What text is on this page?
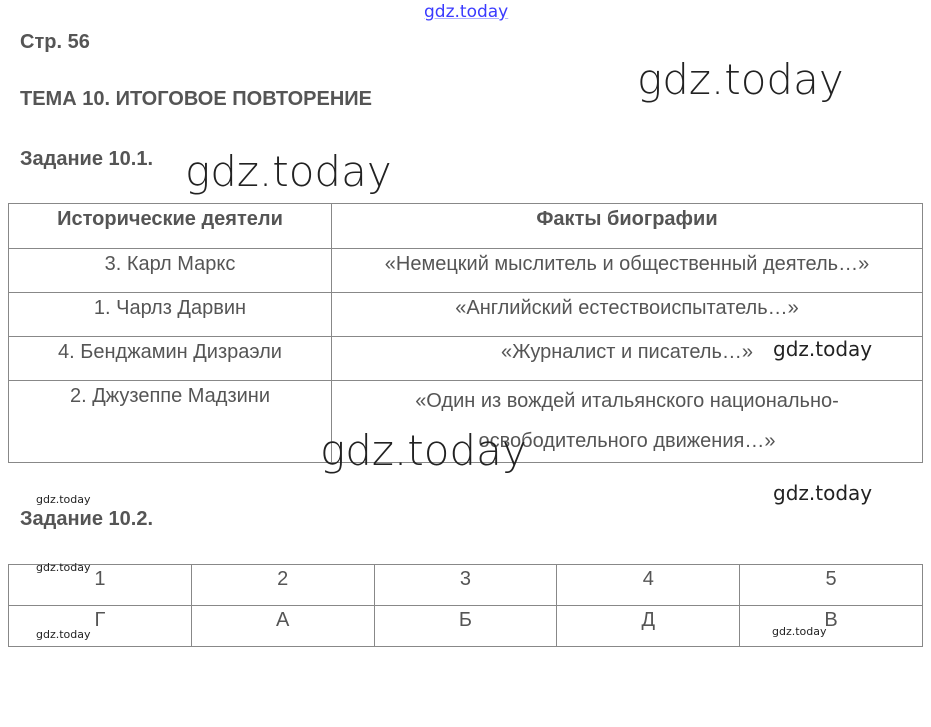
gdz.today
Стр. 56
ТЕМА 10. ИТОГОВОЕ ПОВТОРЕНИЕ
Задание 10.1.
gdz.today
gdz.today
Исторические деятели	Факты биографии
3. Карл Маркс	«Немецкий мыслитель и общественный деятель…»
1. Чарлз Дарвин	«Английский естествоиспытатель…»
4. Бенджамин Дизраэли	«Журналист и писатель…»
2. Джузеппе Мадзини	«Один из вождей итальянского национально-
освободительного движения…»
gdz.today
gdz.today
gdz.today
gdz.today
Задание 10.2.
1	2	3	4	5
Г	А	Б	Д	В
gdz.today
gdz.today	gdz.today
